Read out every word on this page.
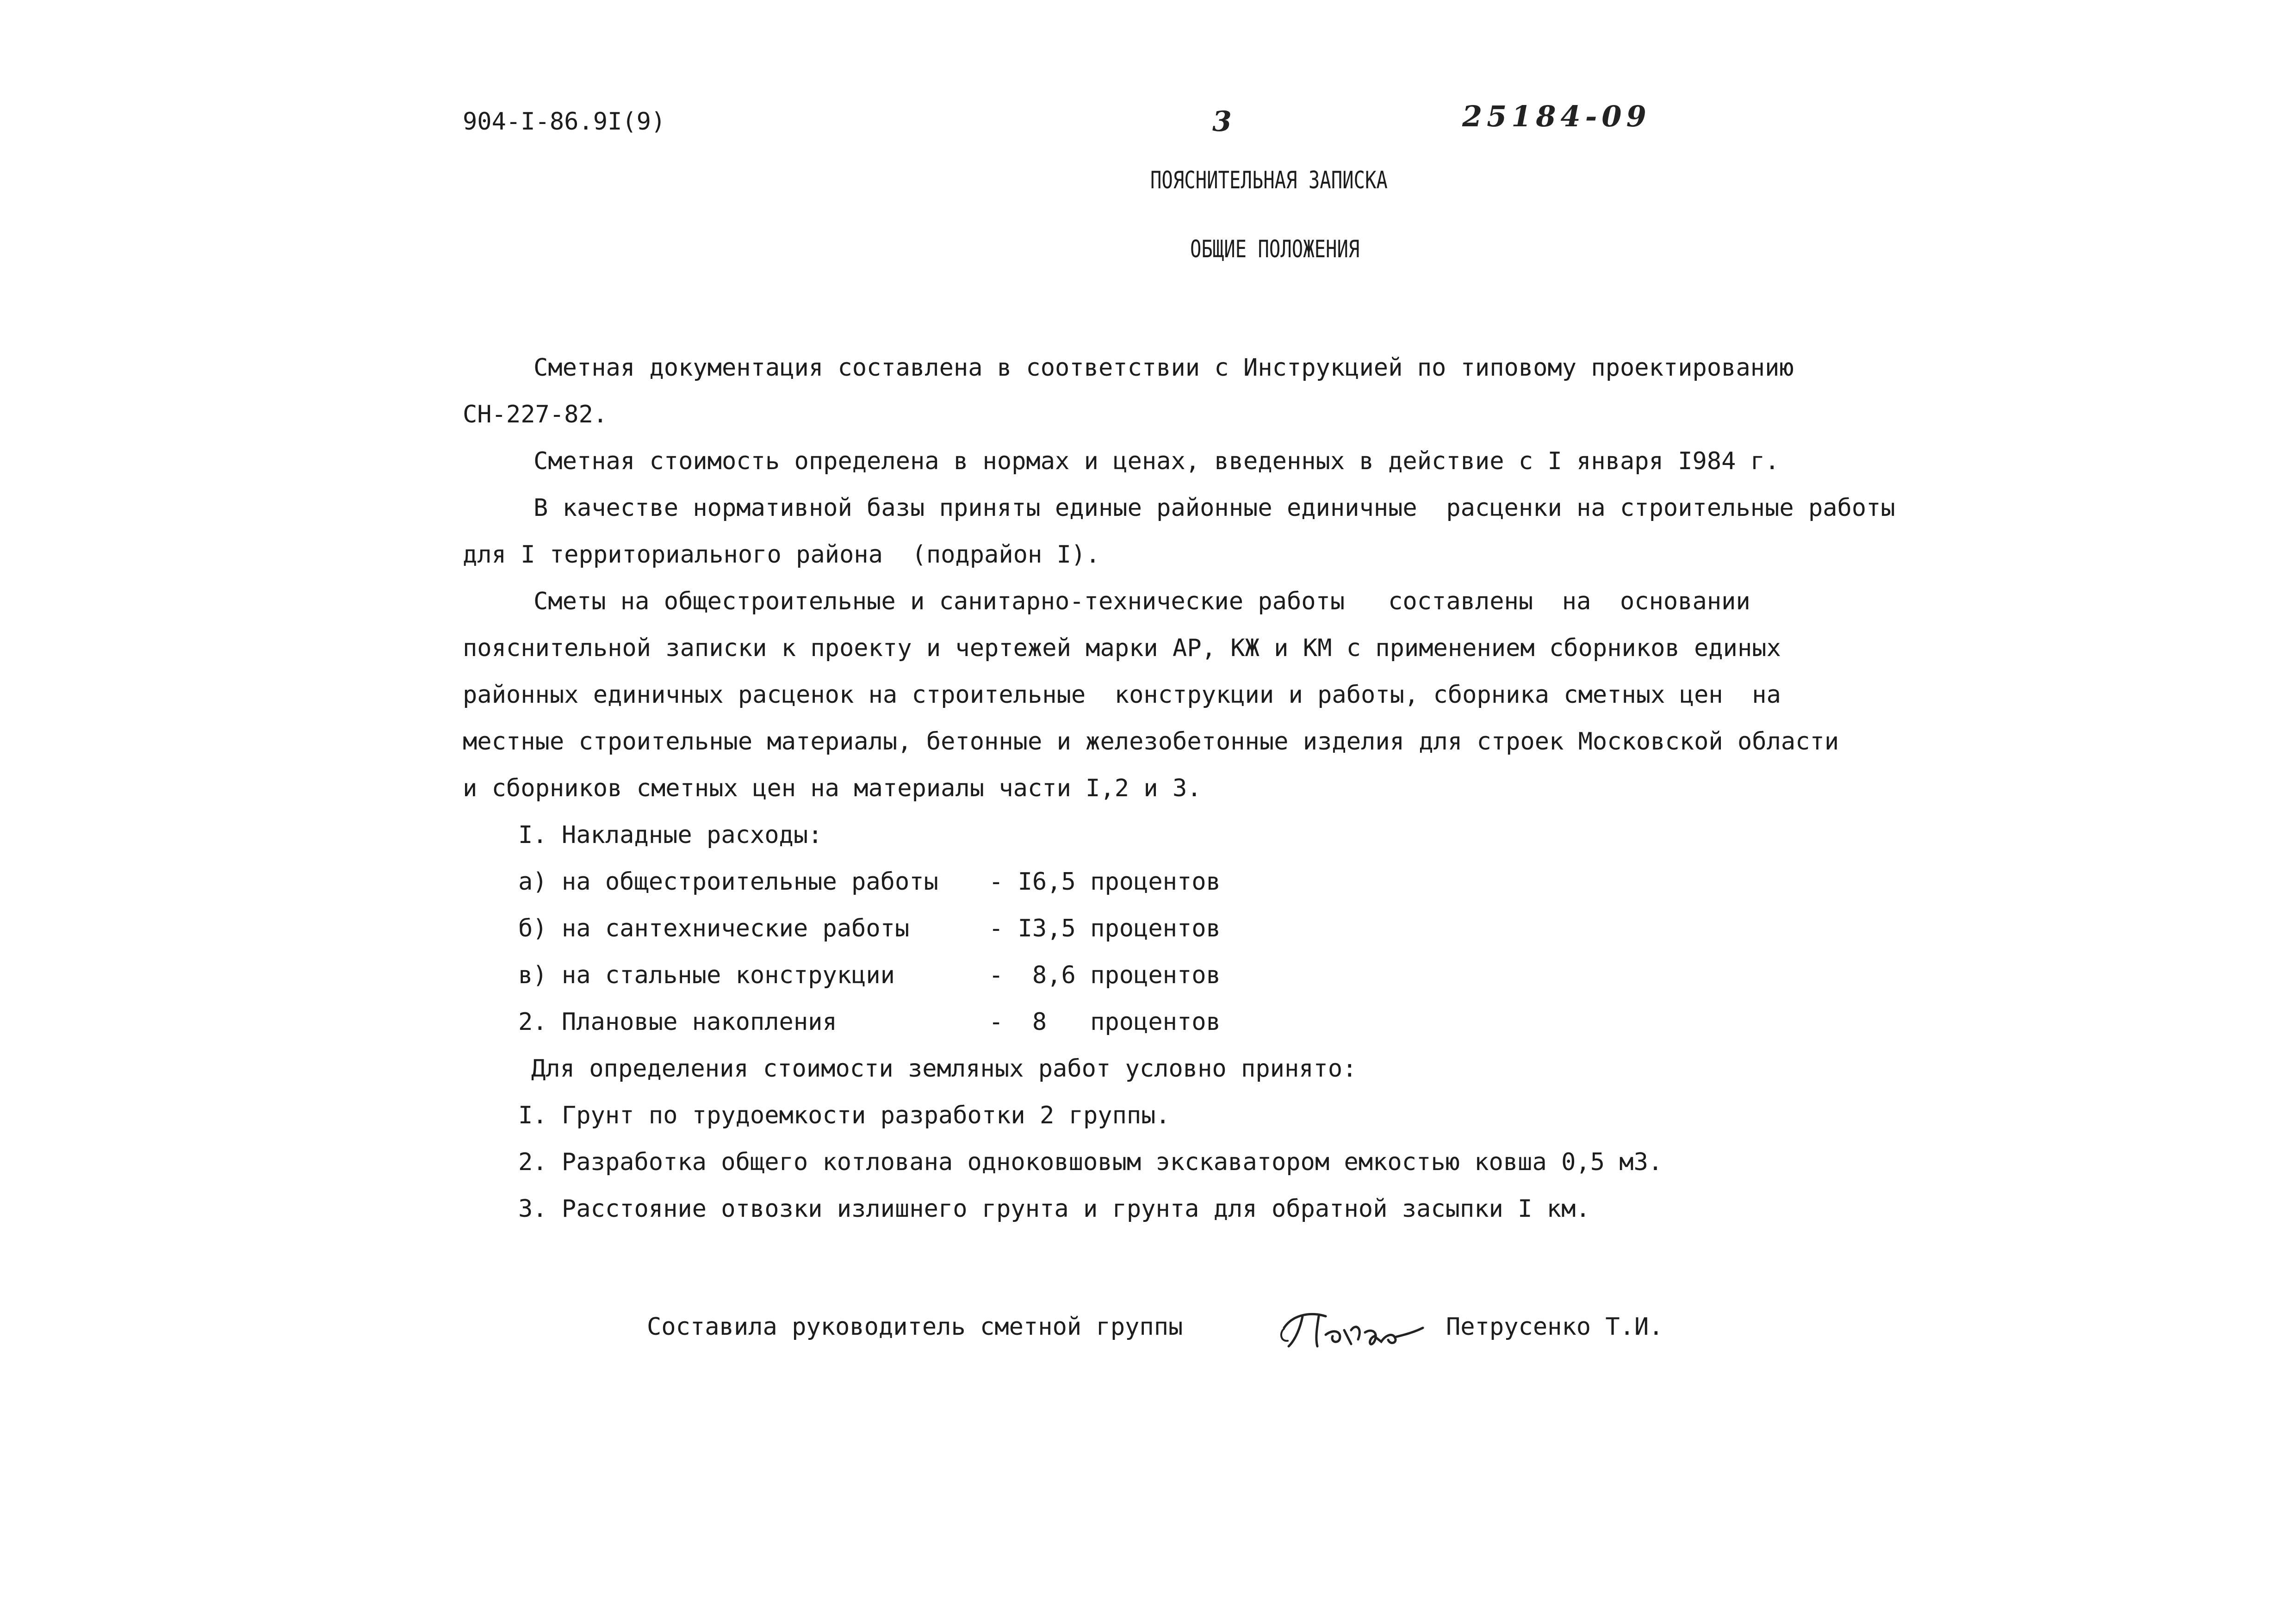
904-I-86.9I(9)	3	25184-09
ПОЯСНИТЕЛЬНАЯ ЗАПИСКА
ОБЩИЕ ПОЛОЖЕНИЯ
Сметная документация составлена в соответствии с Инструкцией по типовому проектированию
СН-227-82.
Сметная стоимость определена в нормах и ценах, введенных в действие с I января I984 г.
В качестве нормативной базы приняты единые районные единичные  расценки на строительные работы
для I территориального района  (подрайон I).
Сметы на общестроительные и санитарно-технические работы   составлены  на  основании
пояснительной записки к проекту и чертежей марки АР, КЖ и КМ с применением сборников единых
районных единичных расценок на строительные  конструкции и работы, сборника сметных цен  на
местные строительные материалы, бетонные и железобетонные изделия для строек Московской области
и сборников сметных цен на материалы части I,2 и 3.
I. Накладные расходы:
а) на общестроительные работы - I6,5 процентов
б) на сантехнические работы	- I3,5 процентов
в) на стальные конструкции	-  8,6 процентов
2. Плановые накопления	-  8   процентов
Для определения стоимости земляных работ условно принято:
I. Грунт по трудоемкости разработки 2 группы.
2. Разработка общего котлована одноковшовым экскаватором емкостью ковша 0,5 м3.
3. Расстояние отвозки излишнего грунта и грунта для обратной засыпки I км.
Составила руководитель сметной группы	Петрусенко Т.И.
